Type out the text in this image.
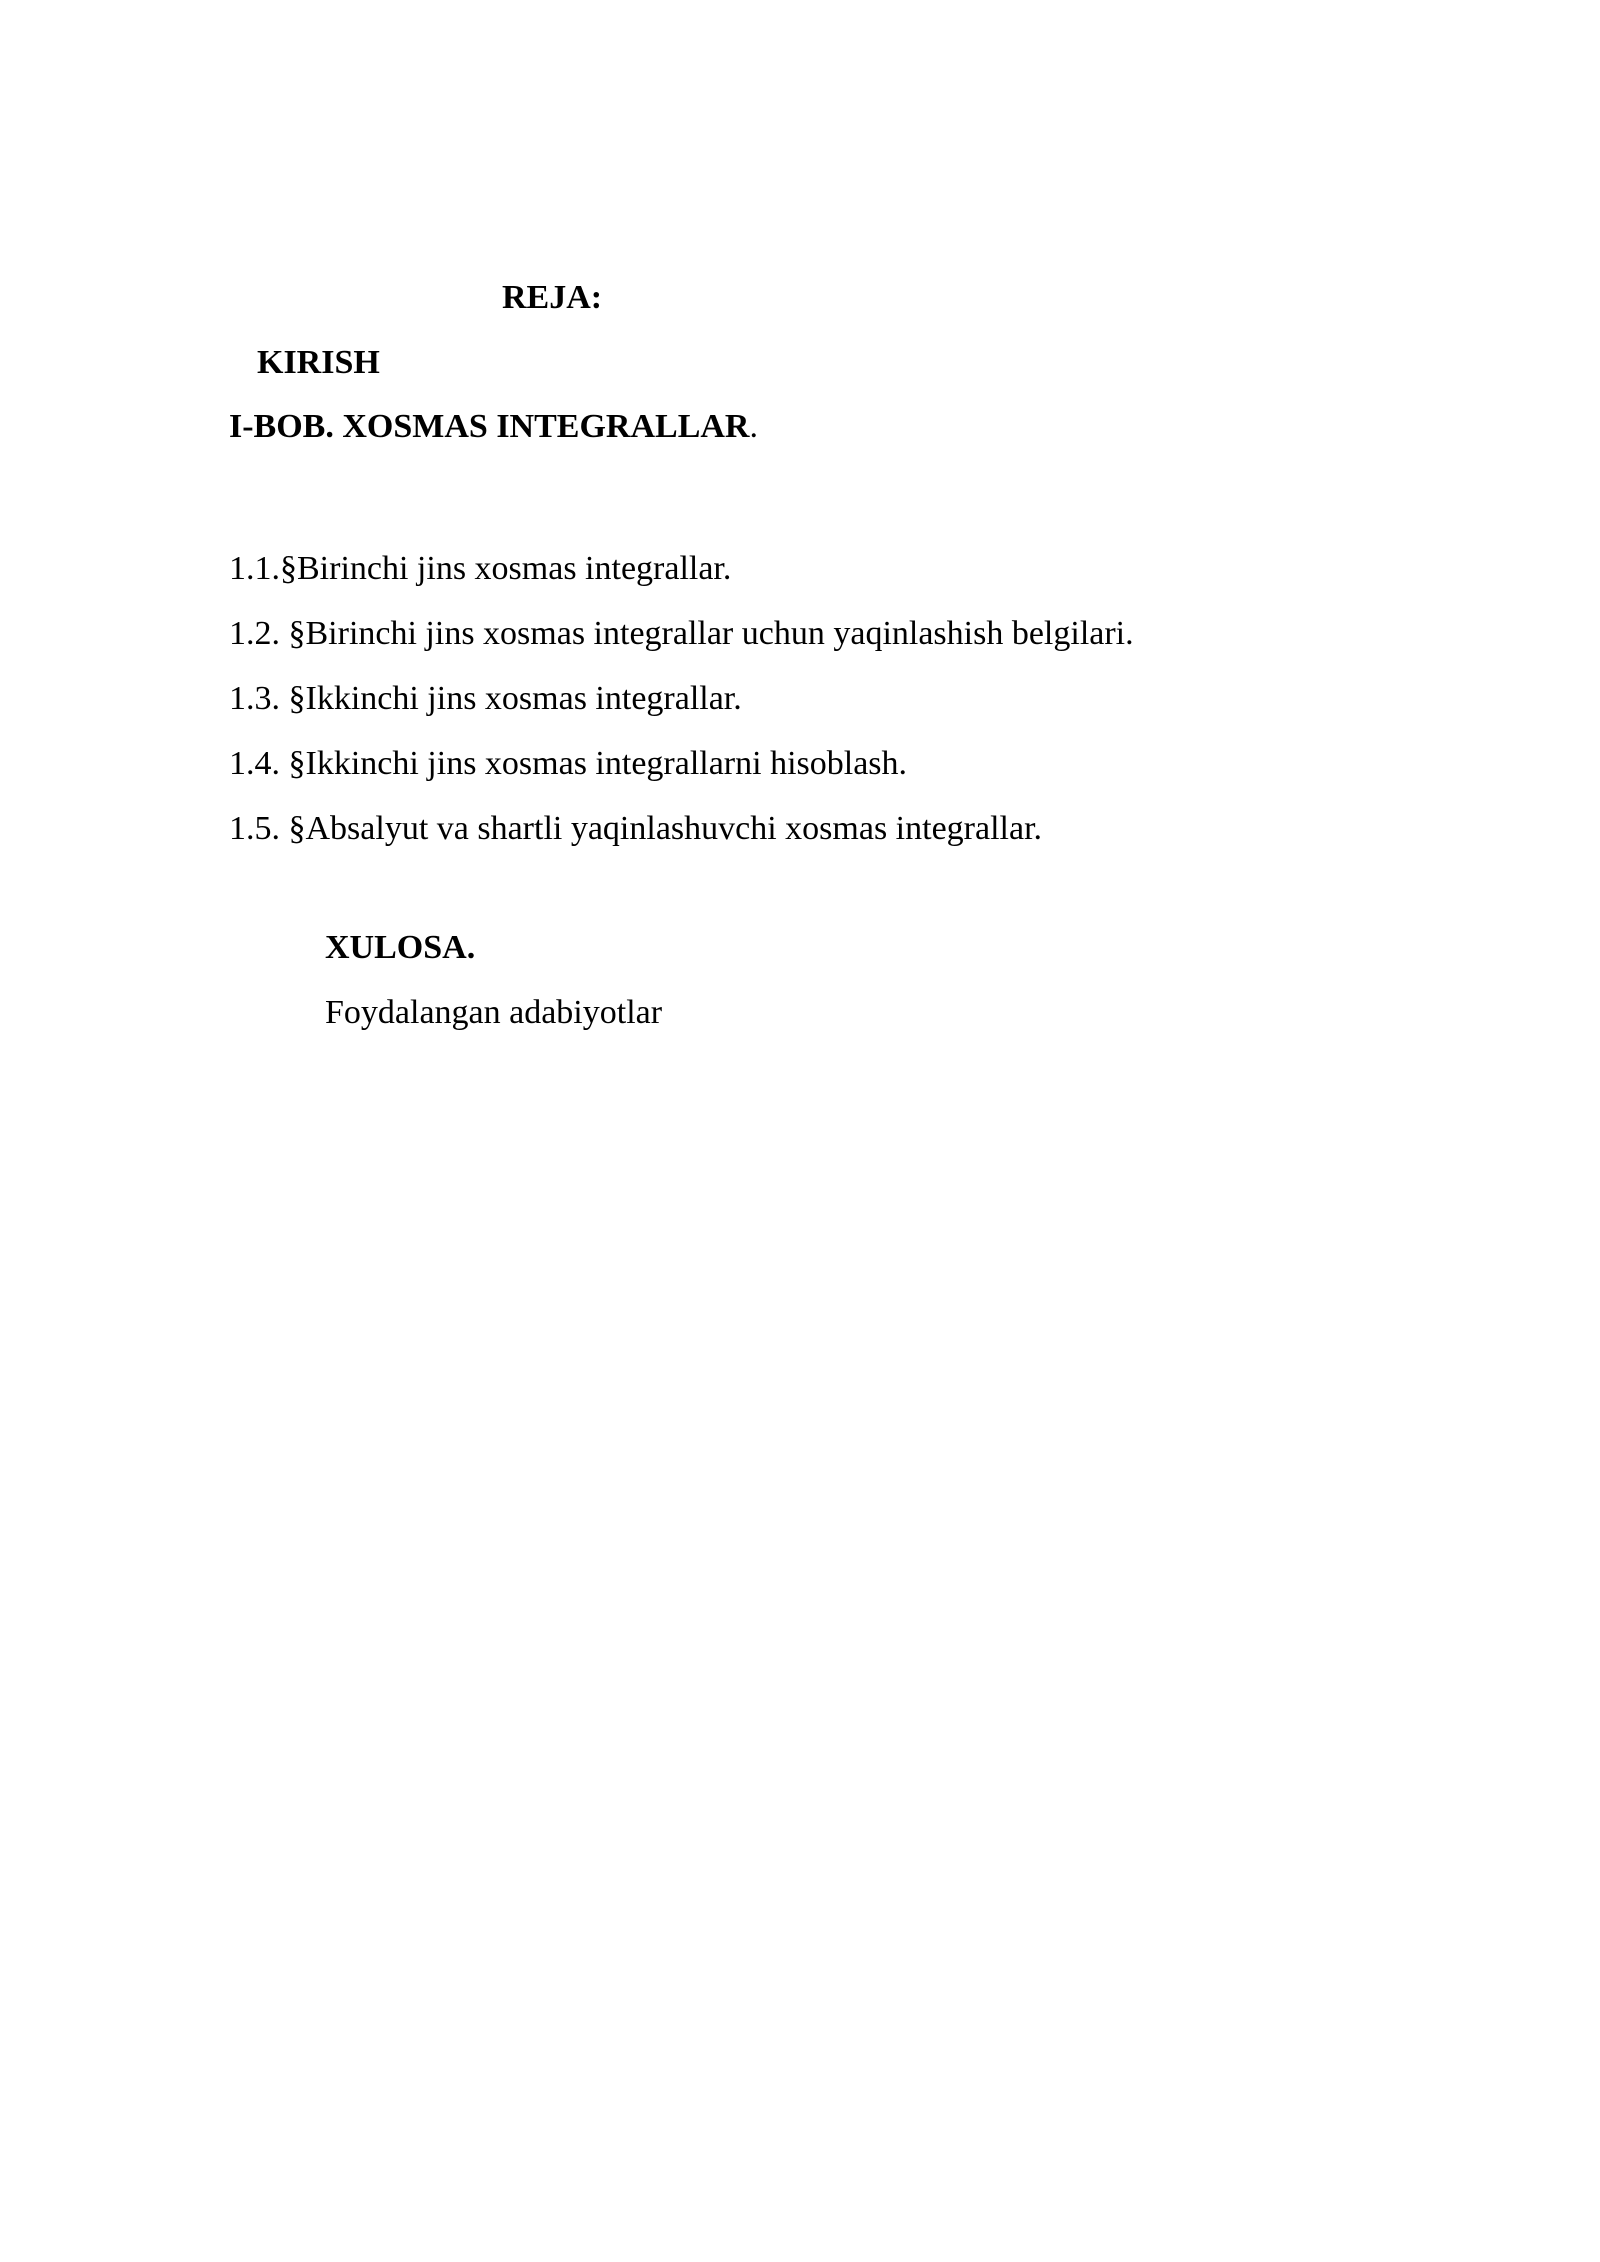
REJA:

KIRISH

I-BOB. XOSMAS INTEGRALLAR.

1.1.§Birinchi jins xosmas integrallar.
1.2. §Birinchi jins xosmas integrallar uchun yaqinlashish belgilari.
1.3. §Ikkinchi jins xosmas integrallar.
1.4. §Ikkinchi jins xosmas integrallarni hisoblash.
1.5. §Absalyut va shartli yaqinlashuvchi xosmas integrallar.

XULOSA.

Foydalangan adabiyotlar
